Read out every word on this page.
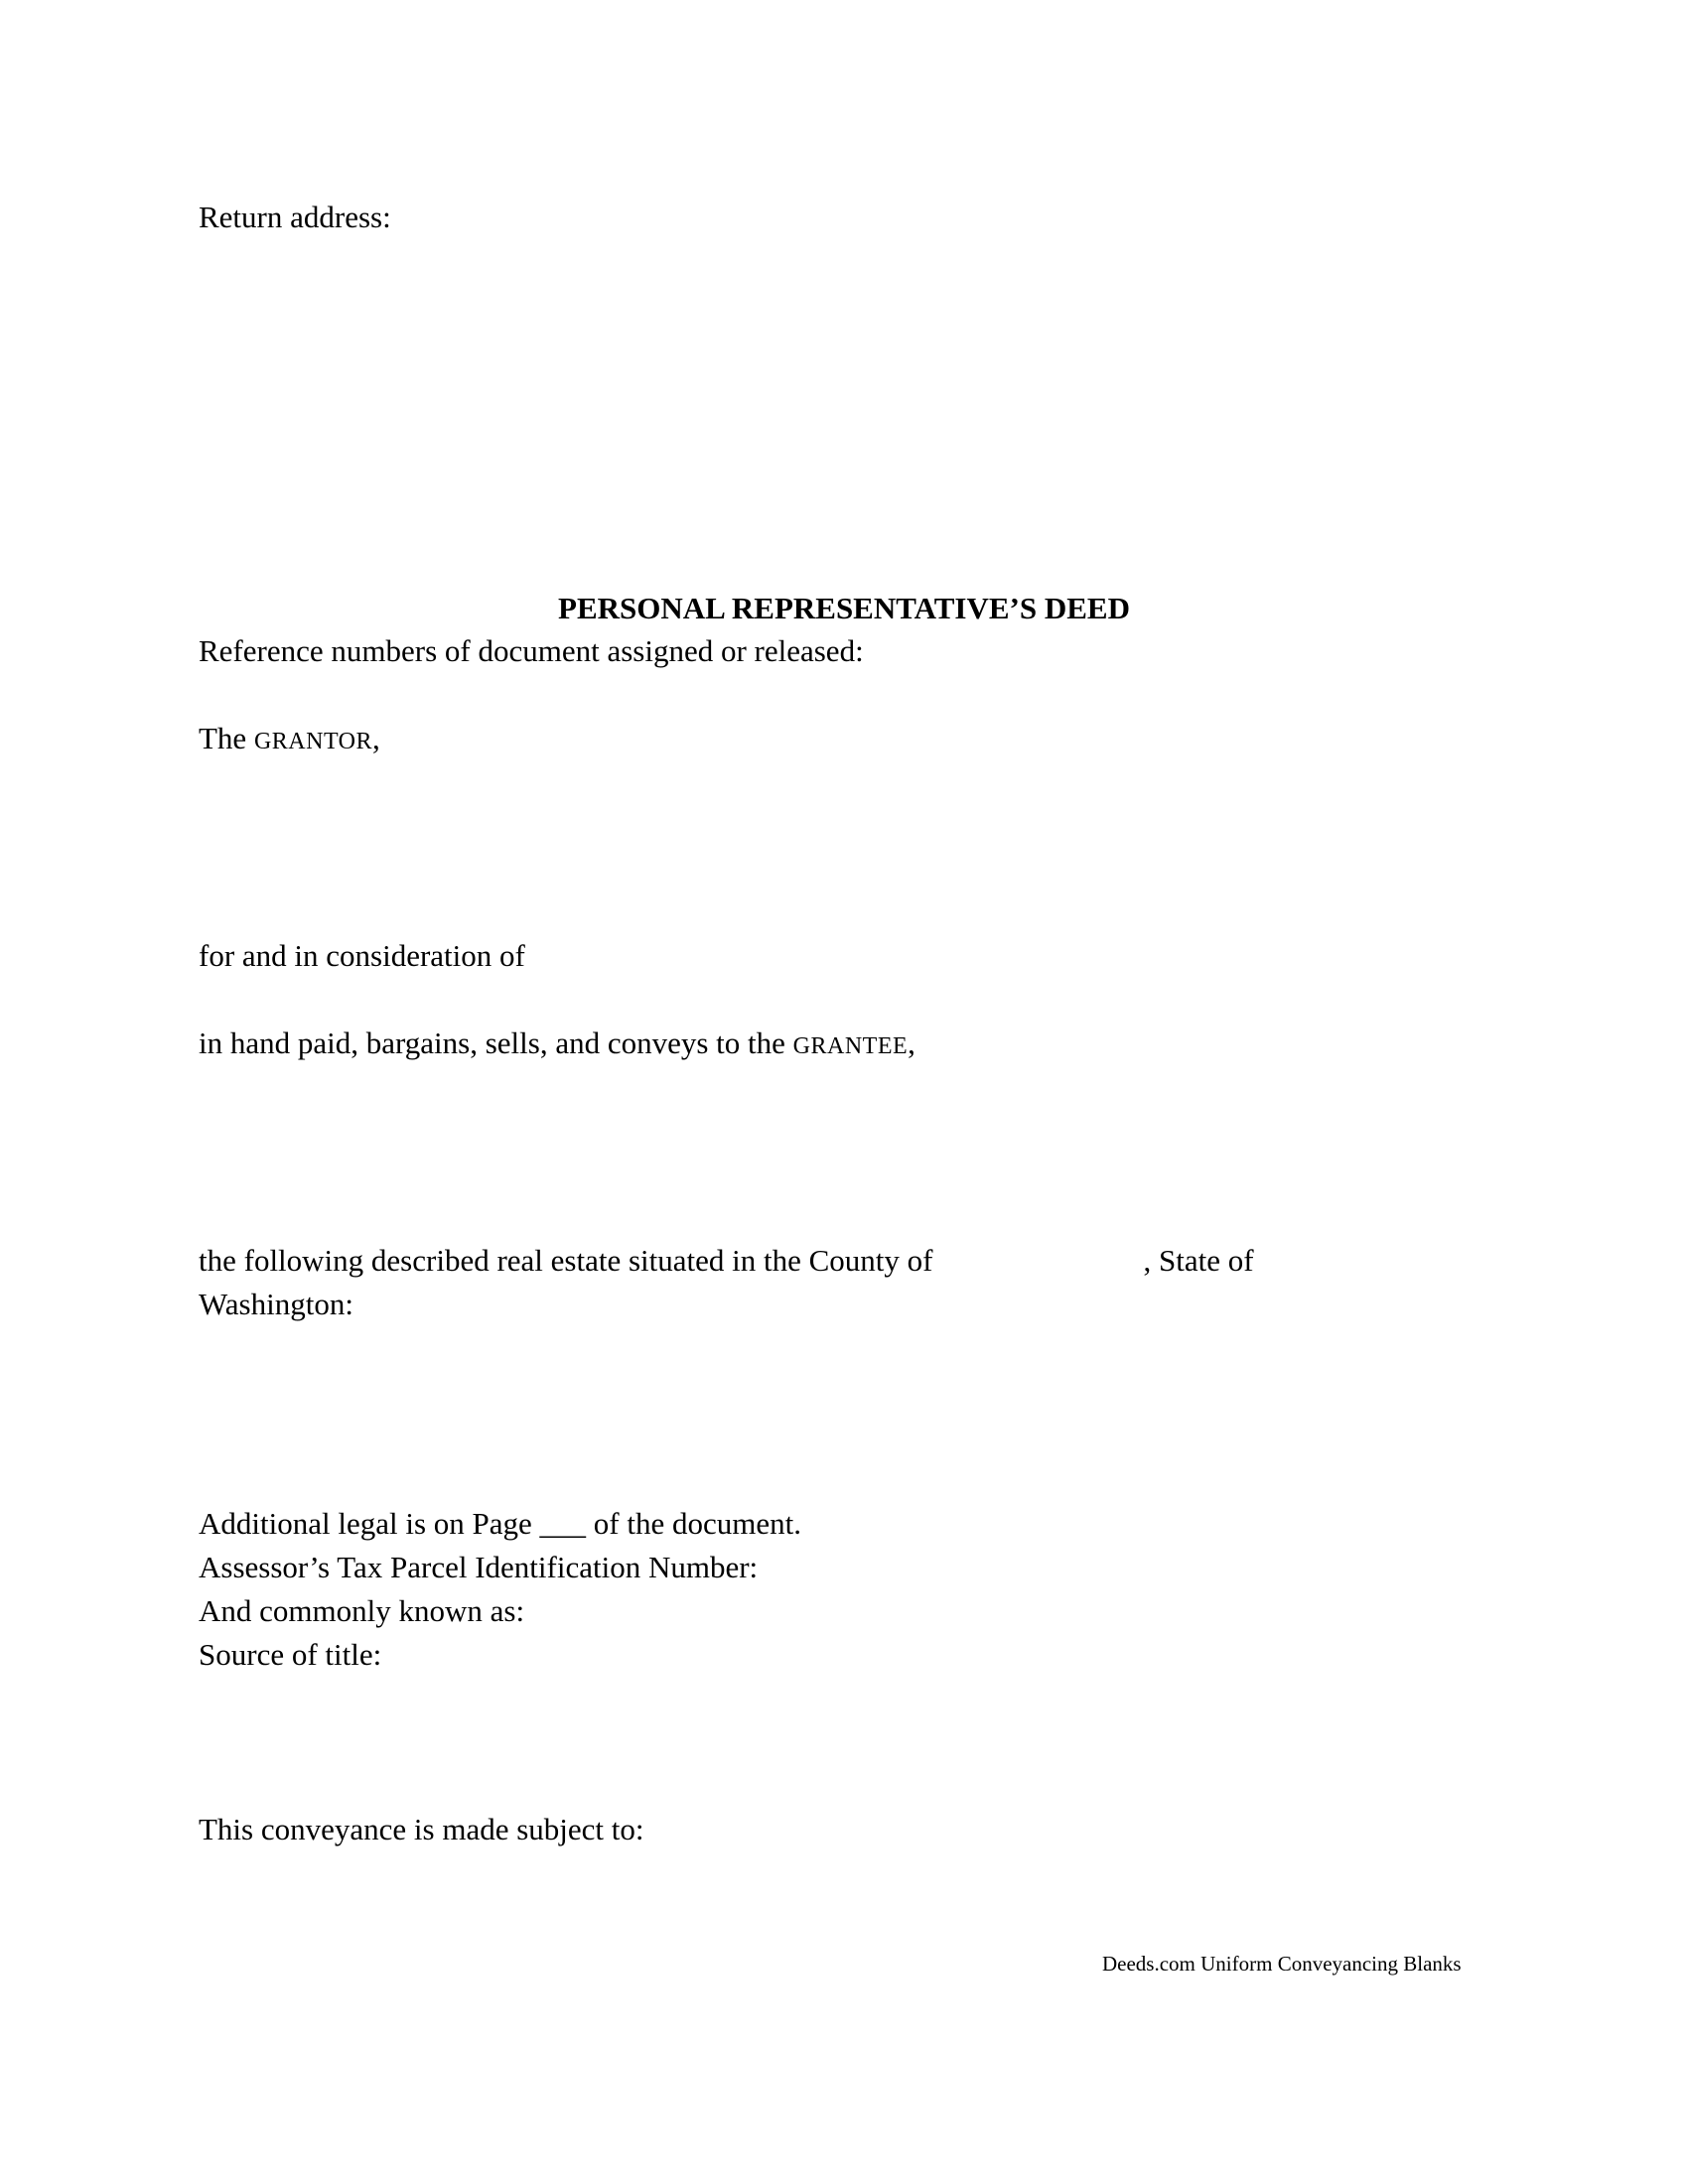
Return address:
PERSONAL REPRESENTATIVE’S DEED
Reference numbers of document assigned or released:
The GRANTOR,
for and in consideration of
in hand paid, bargains, sells, and conveys to the GRANTEE,
the following described real estate situated in the County of	, State of
Washington:
Additional legal is on Page ___ of the document.
Assessor’s Tax Parcel Identification Number:
And commonly known as:
Source of title:
This conveyance is made subject to:
Deeds.com Uniform Conveyancing Blanks
